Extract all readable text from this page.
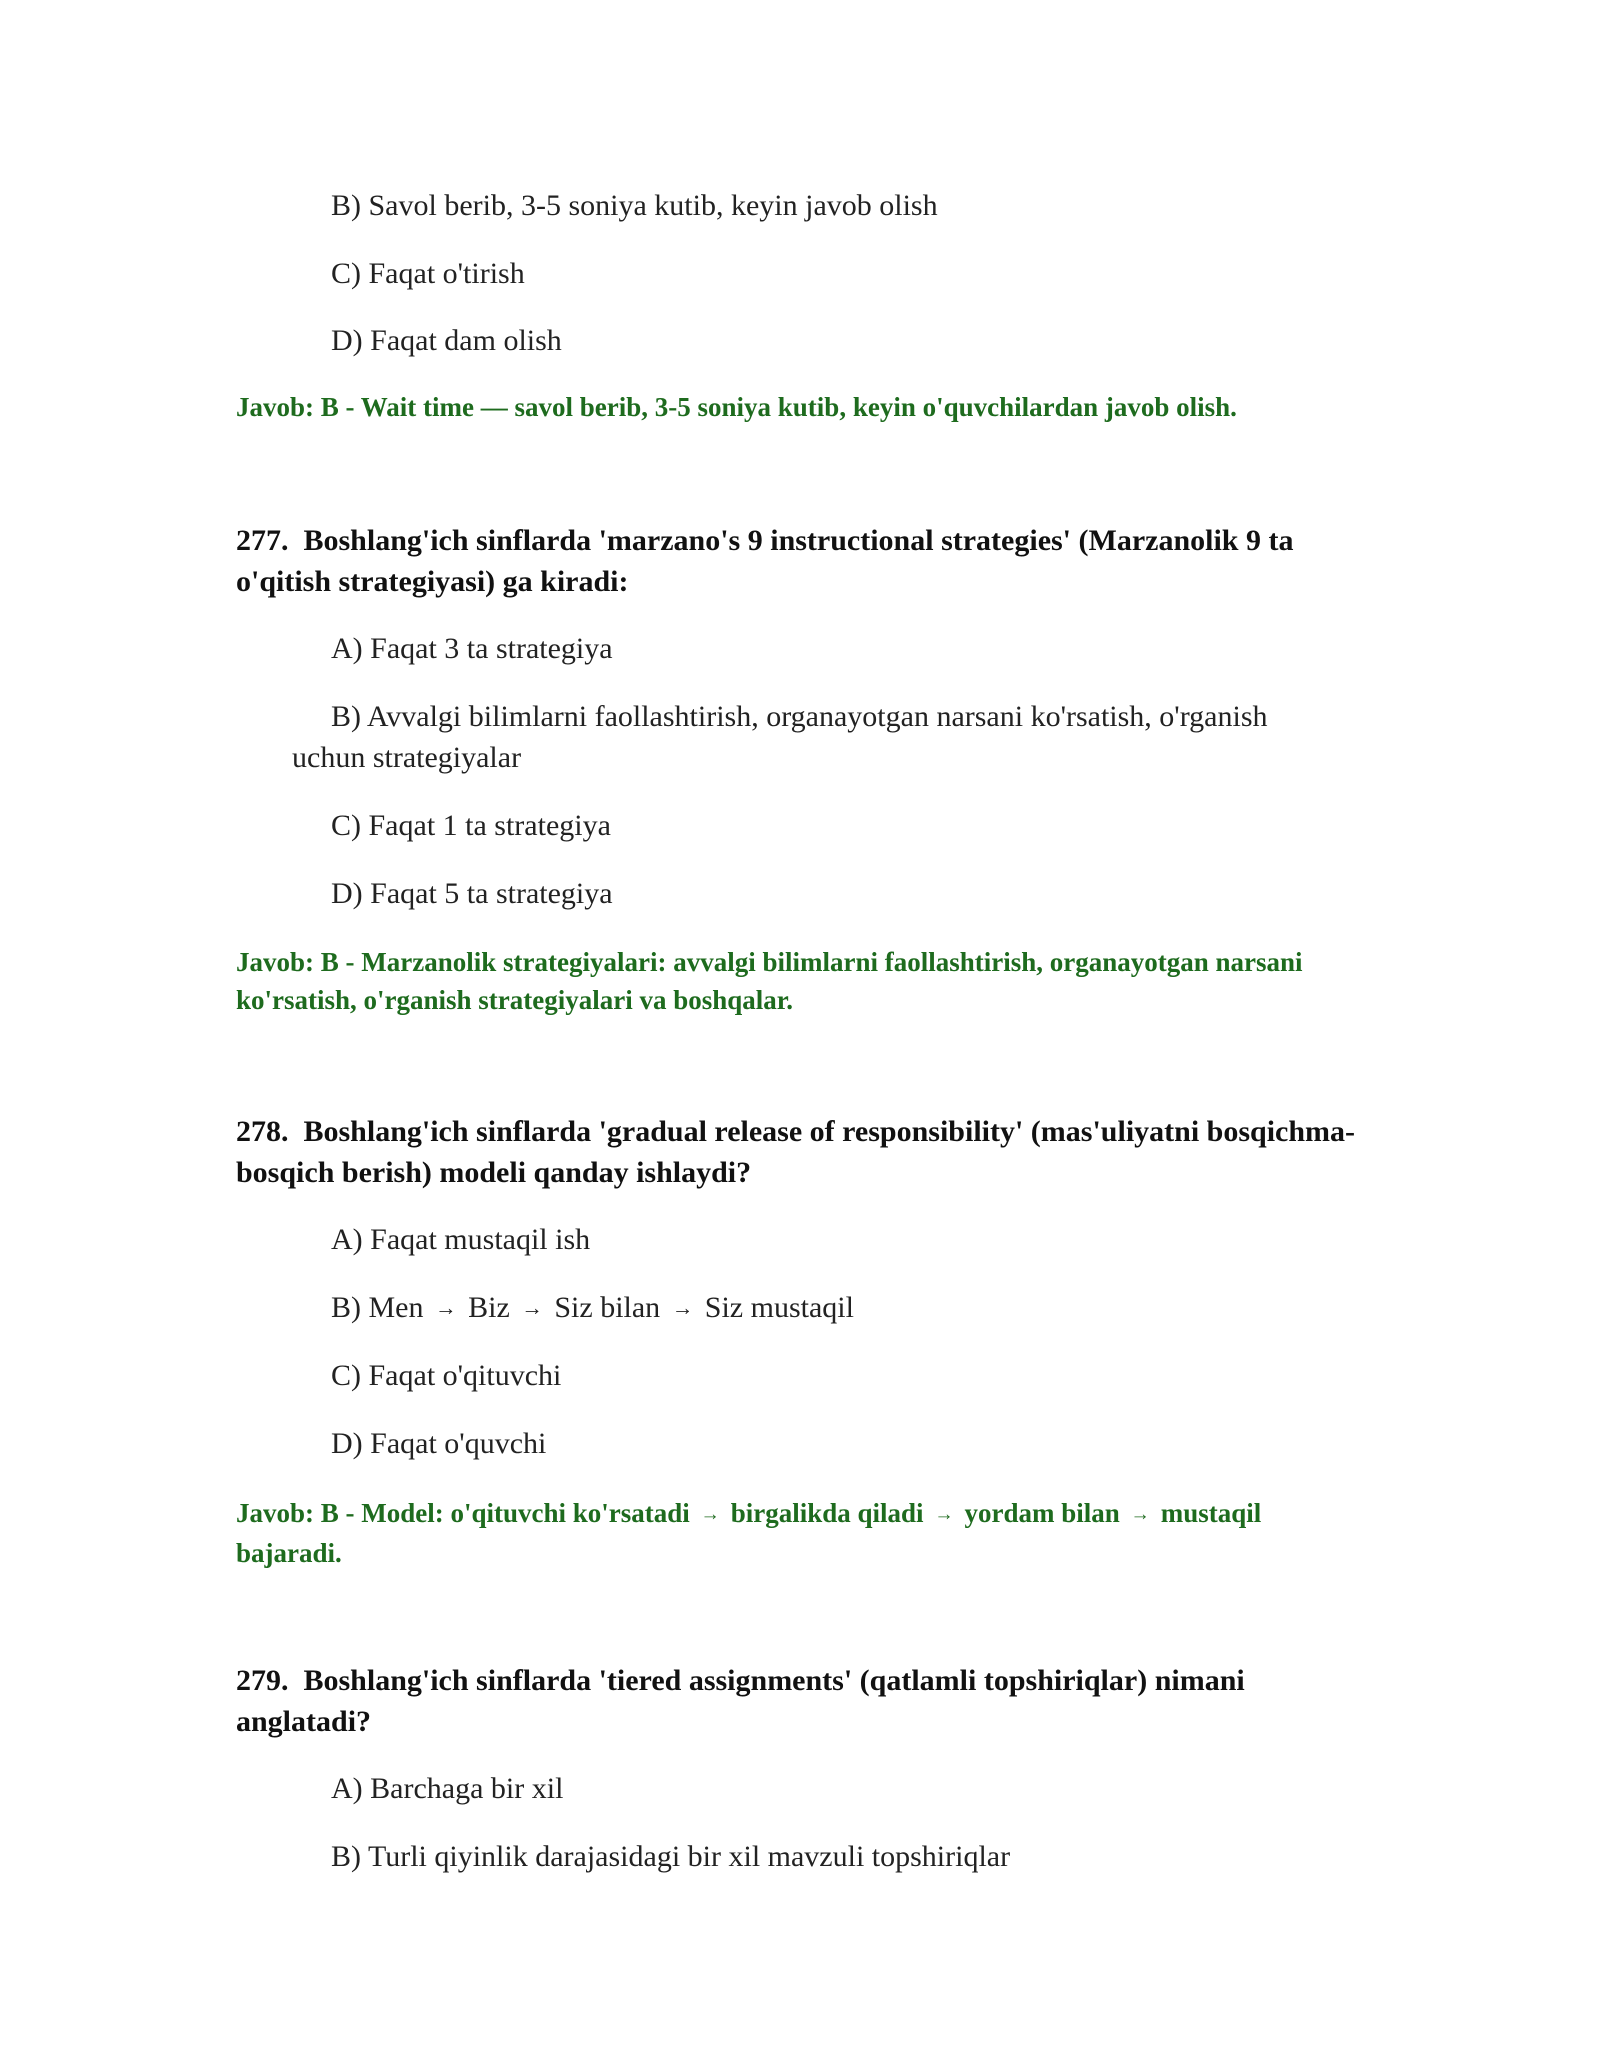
B) Savol berib, 3-5 soniya kutib, keyin javob olish
C) Faqat o'tirish
D) Faqat dam olish
Javob: B - Wait time — savol berib, 3-5 soniya kutib, keyin o'quvchilardan javob olish.
277. Boshlang'ich sinflarda 'marzano's 9 instructional strategies' (Marzanolik 9 ta o'qitish strategiyasi) ga kiradi:
A) Faqat 3 ta strategiya
B) Avvalgi bilimlarni faollashtirish, organayotgan narsani ko'rsatish, o'rganish
uchun strategiyalar
C) Faqat 1 ta strategiya
D) Faqat 5 ta strategiya
Javob: B - Marzanolik strategiyalari: avvalgi bilimlarni faollashtirish, organayotgan narsani ko'rsatish, o'rganish strategiyalari va boshqalar.
278. Boshlang'ich sinflarda 'gradual release of responsibility' (mas'uliyatni bosqichma-bosqich berish) modeli qanday ishlaydi?
A) Faqat mustaqil ish
B) Men → Biz → Siz bilan → Siz mustaqil
C) Faqat o'qituvchi
D) Faqat o'quvchi
Javob: B - Model: o'qituvchi ko'rsatadi → birgalikda qiladi → yordam bilan → mustaqil bajaradi.
279. Boshlang'ich sinflarda 'tiered assignments' (qatlamli topshiriqlar) nimani anglatadi?
A) Barchaga bir xil
B) Turli qiyinlik darajasidagi bir xil mavzuli topshiriqlar
